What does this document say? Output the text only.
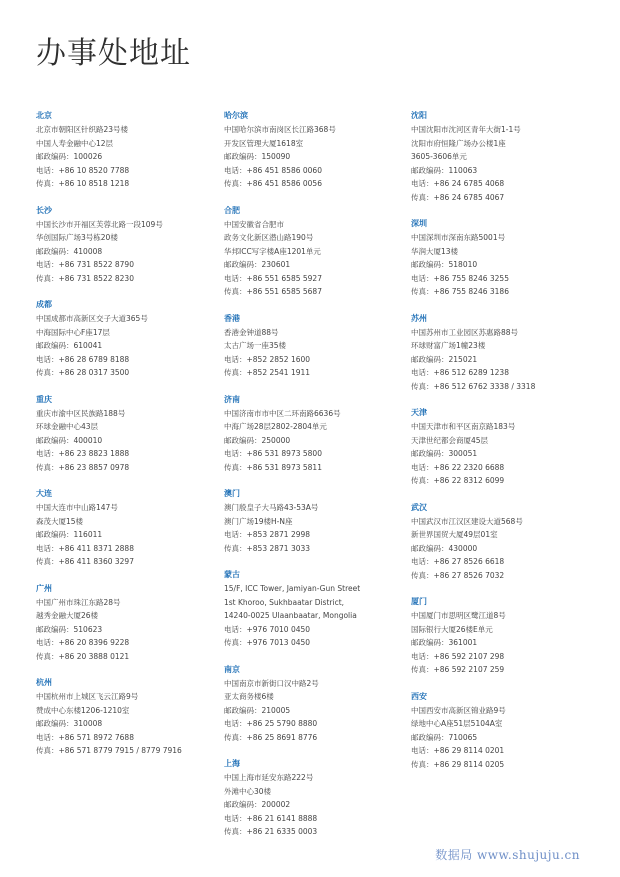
办事处地址
北京
北京市朝阳区针织路23号楼
中国人寿金融中心12层
邮政编码：100026
电话：+86 10 8520 7788
传真：+86 10 8518 1218
长沙
中国长沙市开福区芙蓉北路一段109号
华创国际广场3号栋20楼
邮政编码：410008
电话：+86 731 8522 8790
传真：+86 731 8522 8230
成都
中国成都市高新区交子大道365号
中海国际中心F座17层
邮政编码：610041
电话：+86 28 6789 8188
传真：+86 28 0317 3500
重庆
重庆市渝中区民族路188号
环球金融中心43层
邮政编码：400010
电话：+86 23 8823 1888
传真：+86 23 8857 0978
大连
中国大连市中山路147号
森茂大厦15楼
邮政编码：116011
电话：+86 411 8371 2888
传真：+86 411 8360 3297
广州
中国广州市珠江东路28号
越秀金融大厦26楼
邮政编码：510623
电话：+86 20 8396 9228
传真：+86 20 3888 0121
杭州
中国杭州市上城区飞云江路9号
赞成中心东楼1206-1210室
邮政编码：310008
电话：+86 571 8972 7688
传真：+86 571 8779 7915 / 8779 7916
哈尔滨
中国哈尔滨市南岗区长江路368号
开发区管理大厦1618室
邮政编码：150090
电话：+86 451 8586 0060
传真：+86 451 8586 0056
合肥
中国安徽省合肥市
政务文化新区潜山路190号
华邦ICC写字楼A座1201单元
邮政编码：230601
电话：+86 551 6585 5927
传真：+86 551 6585 5687
香港
香港金钟道88号
太古广场一座35楼
电话：+852 2852 1600
传真：+852 2541 1911
济南
中国济南市市中区二环南路6636号
中海广场28层2802-2804单元
邮政编码：250000
电话：+86 531 8973 5800
传真：+86 531 8973 5811
澳门
澳门殷皇子大马路43-53A号
澳门广场19楼H-N座
电话：+853 2871 2998
传真：+853 2871 3033
蒙古
15/F, ICC Tower, Jamiyan-Gun Street
1st Khoroo, Sukhbaatar District,
14240-0025 Ulaanbaatar, Mongolia
电话：+976 7010 0450
传真：+976 7013 0450
南京
中国南京市新街口汉中路2号
亚太商务楼6楼
邮政编码：210005
电话：+86 25 5790 8880
传真：+86 25 8691 8776
上海
中国上海市延安东路222号
外滩中心30楼
邮政编码：200002
电话：+86 21 6141 8888
传真：+86 21 6335 0003
沈阳
中国沈阳市沈河区青年大街1-1号
沈阳市府恒隆广场办公楼1座
3605-3606单元
邮政编码：110063
电话：+86 24 6785 4068
传真：+86 24 6785 4067
深圳
中国深圳市深南东路5001号
华润大厦13楼
邮政编码：518010
电话：+86 755 8246 3255
传真：+86 755 8246 3186
苏州
中国苏州市工业园区苏惠路88号
环球财富广场1幢23楼
邮政编码：215021
电话：+86 512 6289 1238
传真：+86 512 6762 3338 / 3318
天津
中国天津市和平区南京路183号
天津世纪都会商厦45层
邮政编码：300051
电话：+86 22 2320 6688
传真：+86 22 8312 6099
武汉
中国武汉市江汉区建设大道568号
新世界国贸大厦49层01室
邮政编码：430000
电话：+86 27 8526 6618
传真：+86 27 8526 7032
厦门
中国厦门市思明区鹭江道8号
国际银行大厦26楼E单元
邮政编码：361001
电话：+86 592 2107 298
传真：+86 592 2107 259
西安
中国西安市高新区锦业路9号
绿地中心A座51层5104A室
邮政编码：710065
电话：+86 29 8114 0201
传真：+86 29 8114 0205
数据局 www.shujuju.cn
